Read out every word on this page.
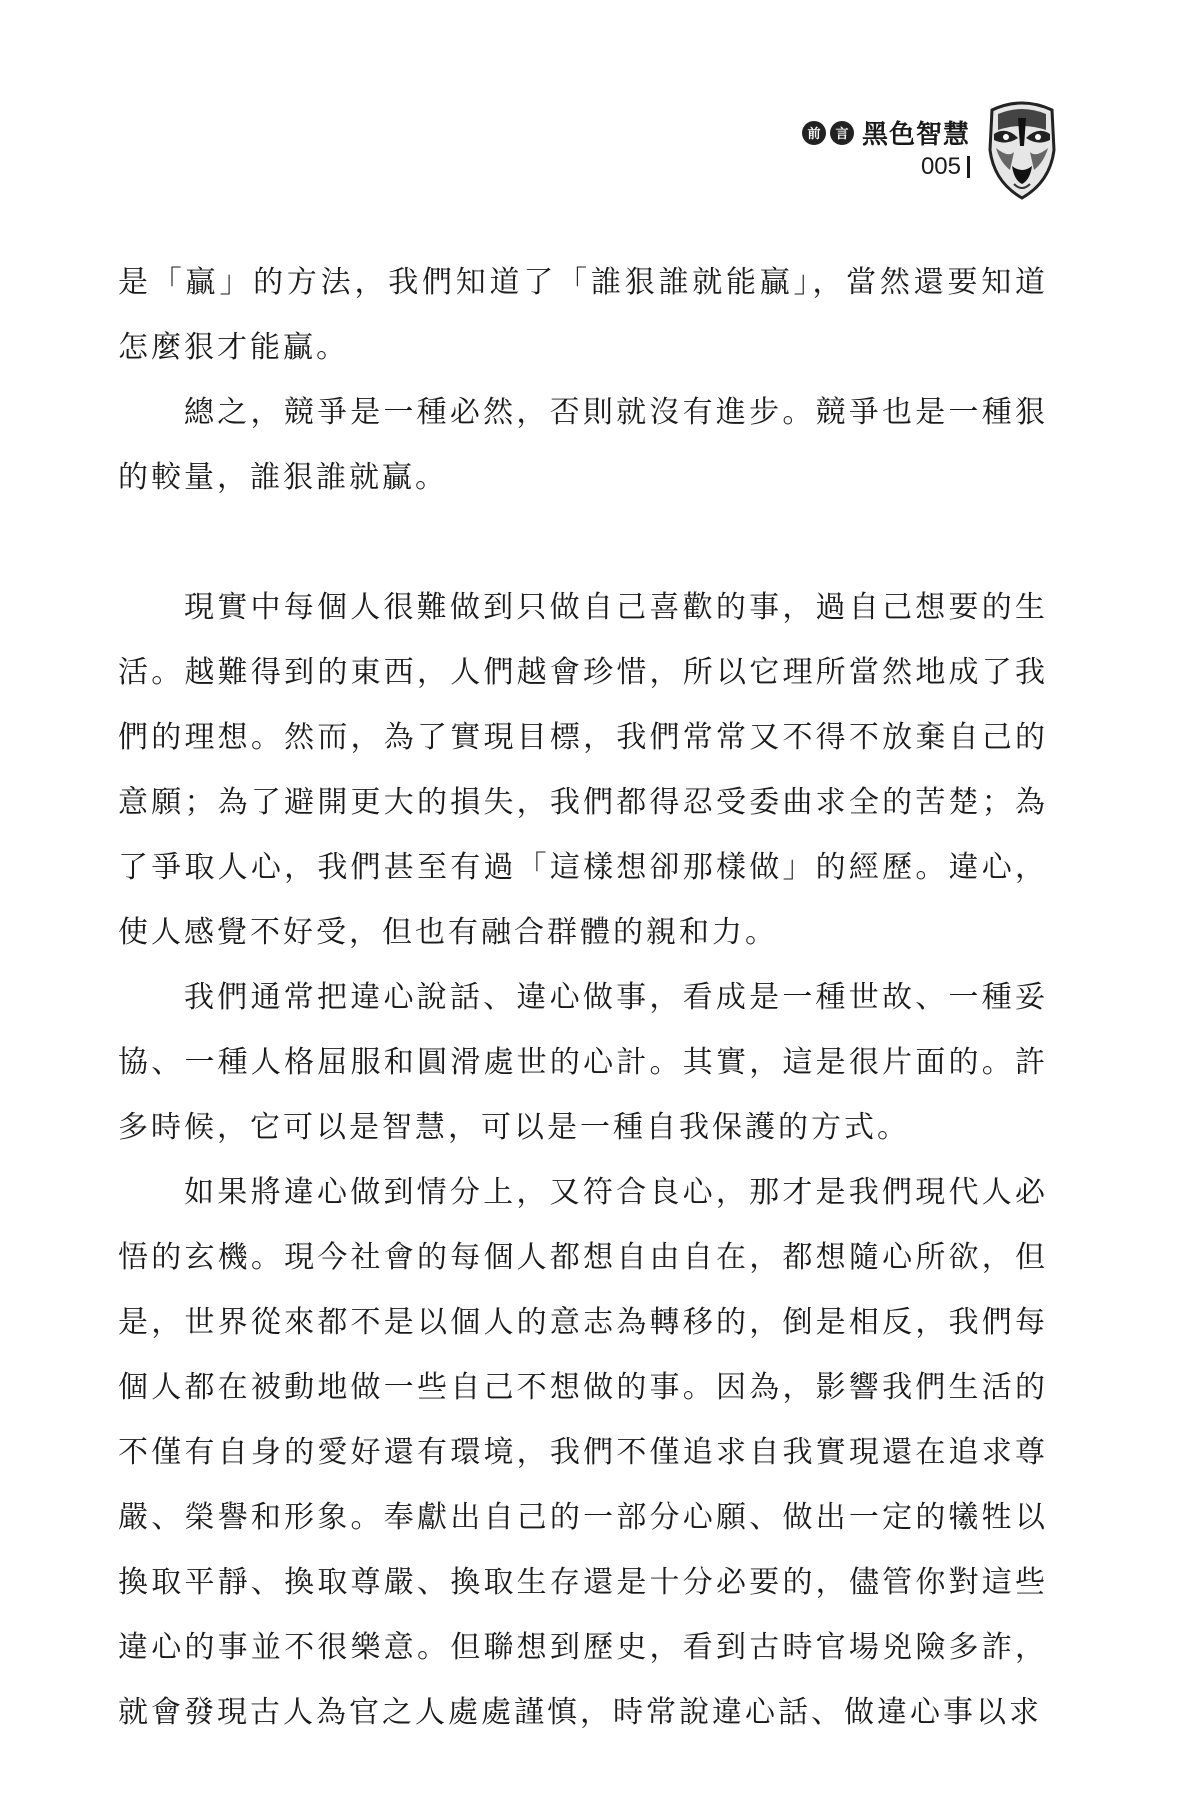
前	言 黑色智慧
005

是「贏」的方法，我們知道了「誰狠誰就能贏」，當然還要知道怎麼狠才能贏。

總之，競爭是一種必然，否則就沒有進步。競爭也是一種狠的較量，誰狠誰就贏。

現實中每個人很難做到只做自己喜歡的事，過自己想要的生活。越難得到的東西，人們越會珍惜，所以它理所當然地成了我們的理想。然而，為了實現目標，我們常常又不得不放棄自己的意願；為了避開更大的損失，我們都得忍受委曲求全的苦楚；為了爭取人心，我們甚至有過「這樣想卻那樣做」的經歷。違心，使人感覺不好受，但也有融合群體的親和力。

我們通常把違心說話、違心做事，看成是一種世故、一種妥協、一種人格屈服和圓滑處世的心計。其實，這是很片面的。許多時候，它可以是智慧，可以是一種自我保護的方式。

如果將違心做到情分上，又符合良心，那才是我們現代人必悟的玄機。現今社會的每個人都想自由自在，都想隨心所欲，但是，世界從來都不是以個人的意志為轉移的，倒是相反，我們每個人都在被動地做一些自己不想做的事。因為，影響我們生活的不僅有自身的愛好還有環境，我們不僅追求自我實現還在追求尊嚴、榮譽和形象。奉獻出自己的一部分心願、做出一定的犧牲以換取平靜、換取尊嚴、換取生存還是十分必要的，儘管你對這些違心的事並不很樂意。但聯想到歷史，看到古時官場兇險多詐，就會發現古人為官之人處處謹慎，時常說違心話、做違心事以求
